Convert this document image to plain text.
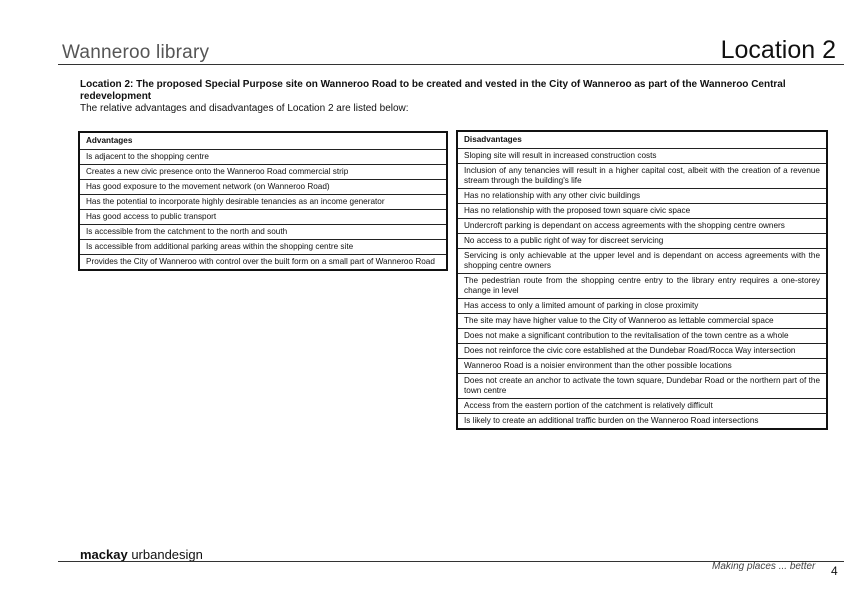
Wanneroo library	Location 2
Location 2: The proposed Special Purpose site on Wanneroo Road to be created and vested in the City of Wanneroo as part of the Wanneroo Central redevelopment
The relative advantages and disadvantages of Location 2 are listed below:
Advantages
Is adjacent to the shopping centre
Creates a new civic presence onto the Wanneroo Road commercial strip
Has good exposure to the movement network (on Wanneroo Road)
Has the potential to incorporate highly desirable tenancies as an income generator
Has good access to public transport
Is accessible from the catchment to the north and south
Is accessible from additional parking areas within the shopping centre site
Provides the City of Wanneroo with control over the built form on a small part of Wanneroo Road
Disadvantages
Sloping site will result in increased construction costs
Inclusion of any tenancies will result in a higher capital cost, albeit with the creation of a revenue stream through the building's life
Has no relationship with any other civic buildings
Has no relationship with the proposed town square civic space
Undercroft parking is dependant on access agreements with the shopping centre owners
No access to a public right of way for discreet servicing
Servicing is only achievable at the upper level and is dependant on access agreements with the shopping centre owners
The pedestrian route from the shopping centre entry to the library entry requires a one-storey change in level
Has access to only a limited amount of parking in close proximity
The site may have higher value to the City of Wanneroo as lettable commercial space
Does not make a significant contribution to the revitalisation of the town centre as a whole
Does not reinforce the civic core established at the Dundebar Road/Rocca Way intersection
Wanneroo Road is a noisier environment than the other possible locations
Does not create an anchor to activate the town square, Dundebar Road or the northern part of the town centre
Access from the eastern portion of the catchment is relatively difficult
Is likely to create an additional traffic burden on the Wanneroo Road intersections
mackay urbandesign
Making places ... better 4
